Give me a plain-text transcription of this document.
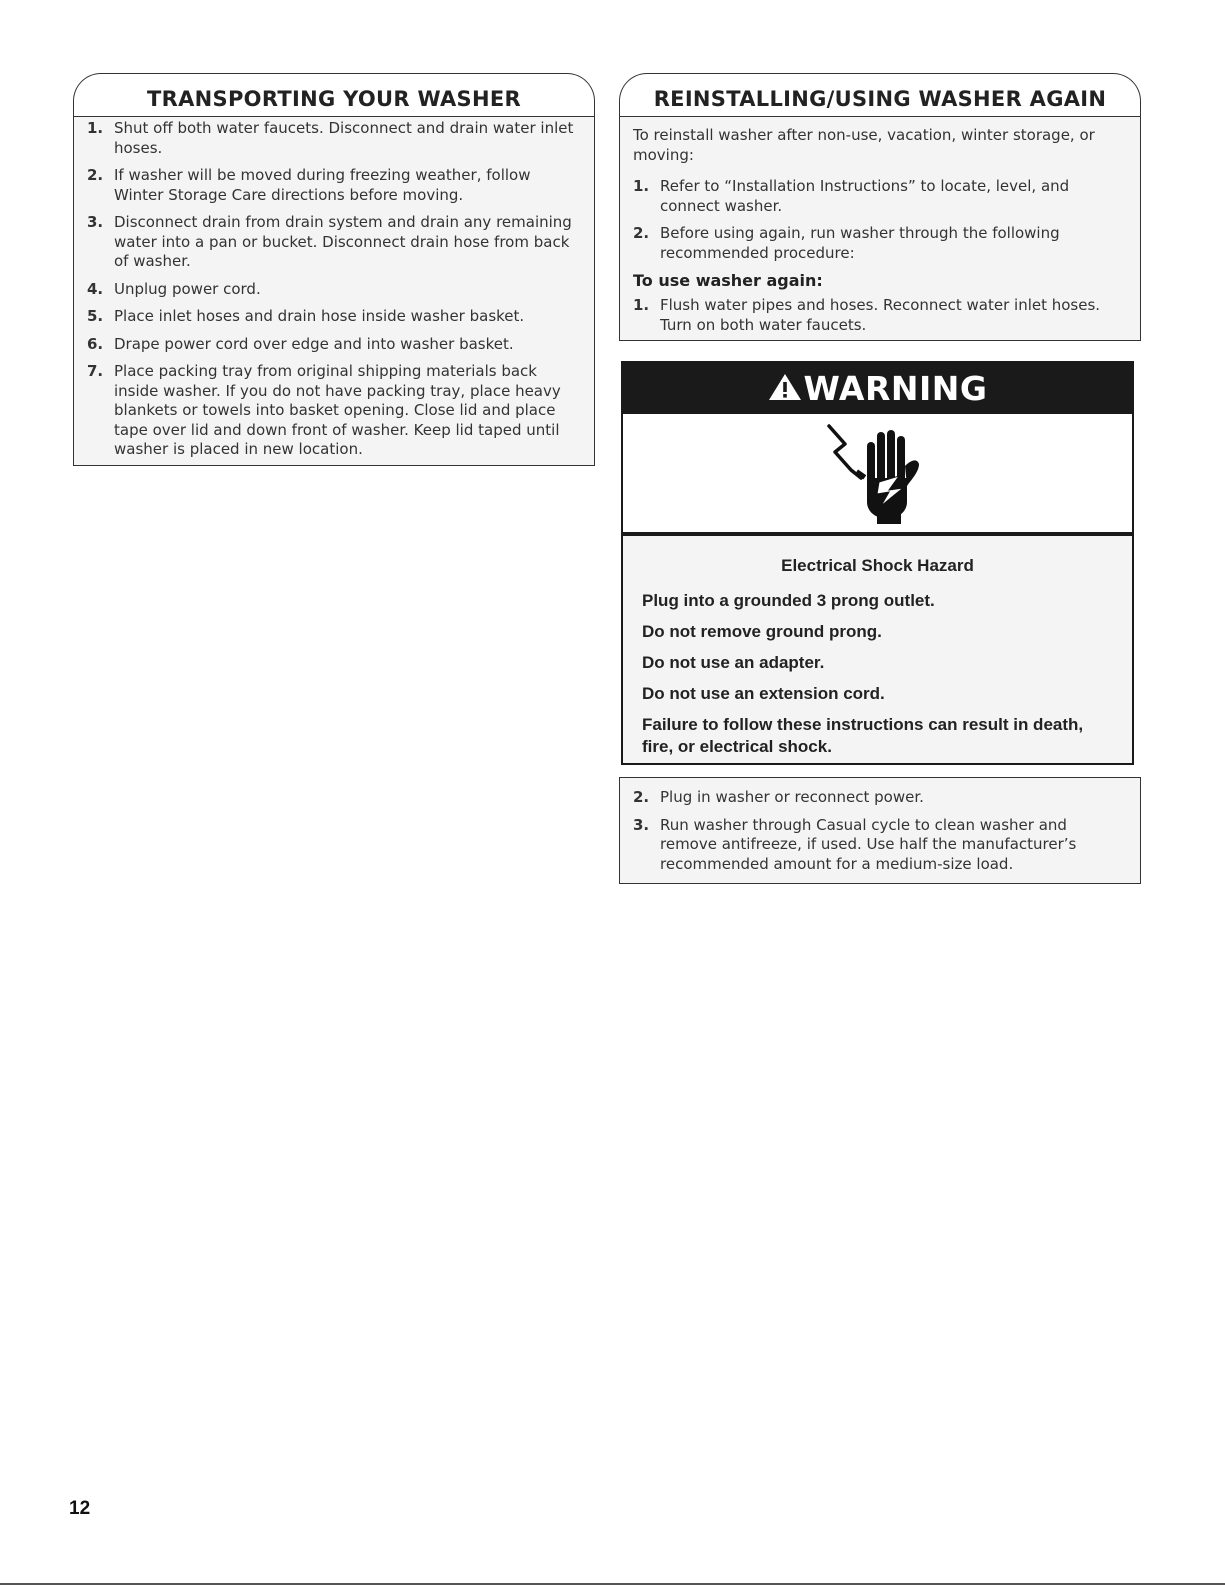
TRANSPORTING YOUR WASHER
1. Shut off both water faucets. Disconnect and drain water inlet hoses.
2. If washer will be moved during freezing weather, follow Winter Storage Care directions before moving.
3. Disconnect drain from drain system and drain any remaining water into a pan or bucket. Disconnect drain hose from back of washer.
4. Unplug power cord.
5. Place inlet hoses and drain hose inside washer basket.
6. Drape power cord over edge and into washer basket.
7. Place packing tray from original shipping materials back inside washer. If you do not have packing tray, place heavy blankets or towels into basket opening. Close lid and place tape over lid and down front of washer. Keep lid taped until washer is placed in new location.
REINSTALLING/USING WASHER AGAIN

To reinstall washer after non-use, vacation, winter storage, or moving:

1. Refer to “Installation Instructions” to locate, level, and connect washer.
2. Before using again, run washer through the following recommended procedure:
To use washer again:
1. Flush water pipes and hoses. Reconnect water inlet hoses. Turn on both water faucets.
WARNING
Electrical Shock Hazard
Plug into a grounded 3 prong outlet.
Do not remove ground prong.
Do not use an adapter.
Do not use an extension cord.
Failure to follow these instructions can result in death, fire, or electrical shock.
2. Plug in washer or reconnect power.
3. Run washer through Casual cycle to clean washer and remove antifreeze, if used. Use half the manufacturer’s recommended amount for a medium-size load.
12
